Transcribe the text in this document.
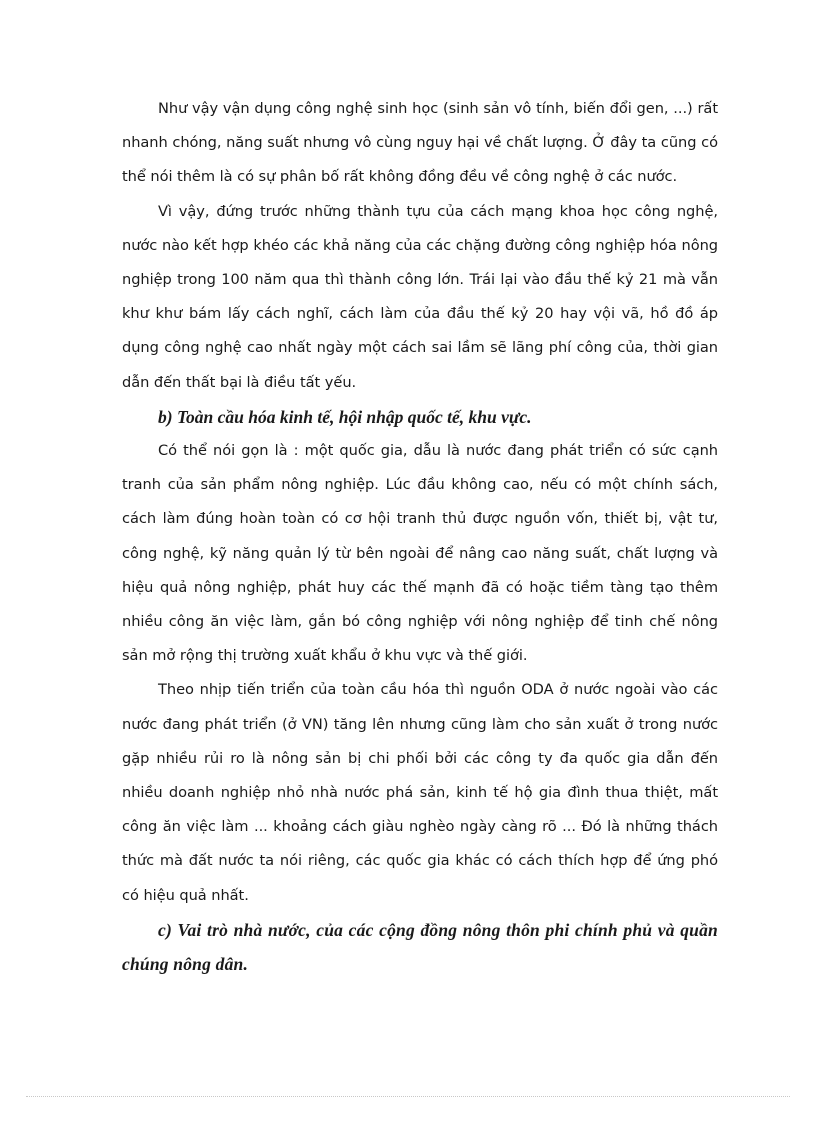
Như vậy vận dụng công nghệ sinh học (sinh sản vô tính, biến đổi gen, ...) rất nhanh chóng, năng suất nhưng vô cùng nguy hại về chất lượng. Ở đây ta cũng có thể nói thêm là có sự phân bố rất không đồng đều về công nghệ ở các nước.

Vì vậy, đứng trước những thành tựu của cách mạng khoa học công nghệ, nước nào kết hợp khéo các khả năng của các chặng đường công nghiệp hóa nông nghiệp trong 100 năm qua thì thành công lớn. Trái lại vào đầu thế kỷ 21 mà vẫn khư khư bám lấy cách nghĩ, cách làm của đầu thế kỷ 20 hay vội vã, hồ đồ áp dụng công nghệ cao nhất ngày một cách sai lầm sẽ lãng phí công của, thời gian dẫn đến thất bại là điều tất yếu.

b) Toàn cầu hóa kinh tế, hội nhập quốc tế, khu vực.

Có thể nói gọn là : một quốc gia, dẫu là nước đang phát triển có sức cạnh tranh của sản phẩm nông nghiệp. Lúc đầu không cao, nếu có một chính sách, cách làm đúng hoàn toàn có cơ hội tranh thủ được nguồn vốn, thiết bị, vật tư, công nghệ, kỹ năng quản lý từ bên ngoài để nâng cao năng suất, chất lượng và hiệu quả nông nghiệp, phát huy các thế mạnh đã có hoặc tiềm tàng tạo thêm nhiều công ăn việc làm, gắn bó công nghiệp với nông nghiệp để tinh chế nông sản mở rộng thị trường xuất khẩu ở khu vực và thế giới.

Theo nhịp tiến triển của toàn cầu hóa thì nguồn ODA ở nước ngoài vào các nước đang phát triển (ở VN) tăng lên nhưng cũng làm cho sản xuất ở trong nước gặp nhiều rủi ro là nông sản bị chi phối bởi các công ty đa quốc gia dẫn đến nhiều doanh nghiệp nhỏ nhà nước phá sản, kinh tế hộ gia đình thua thiệt, mất công ăn việc làm ... khoảng cách giàu nghèo ngày càng rõ ... Đó là những thách thức mà đất nước ta nói riêng, các quốc gia khác có cách thích hợp để ứng phó có hiệu quả nhất.

c) Vai trò nhà nước, của các cộng đồng nông thôn phi chính phủ và quần chúng nông dân.
